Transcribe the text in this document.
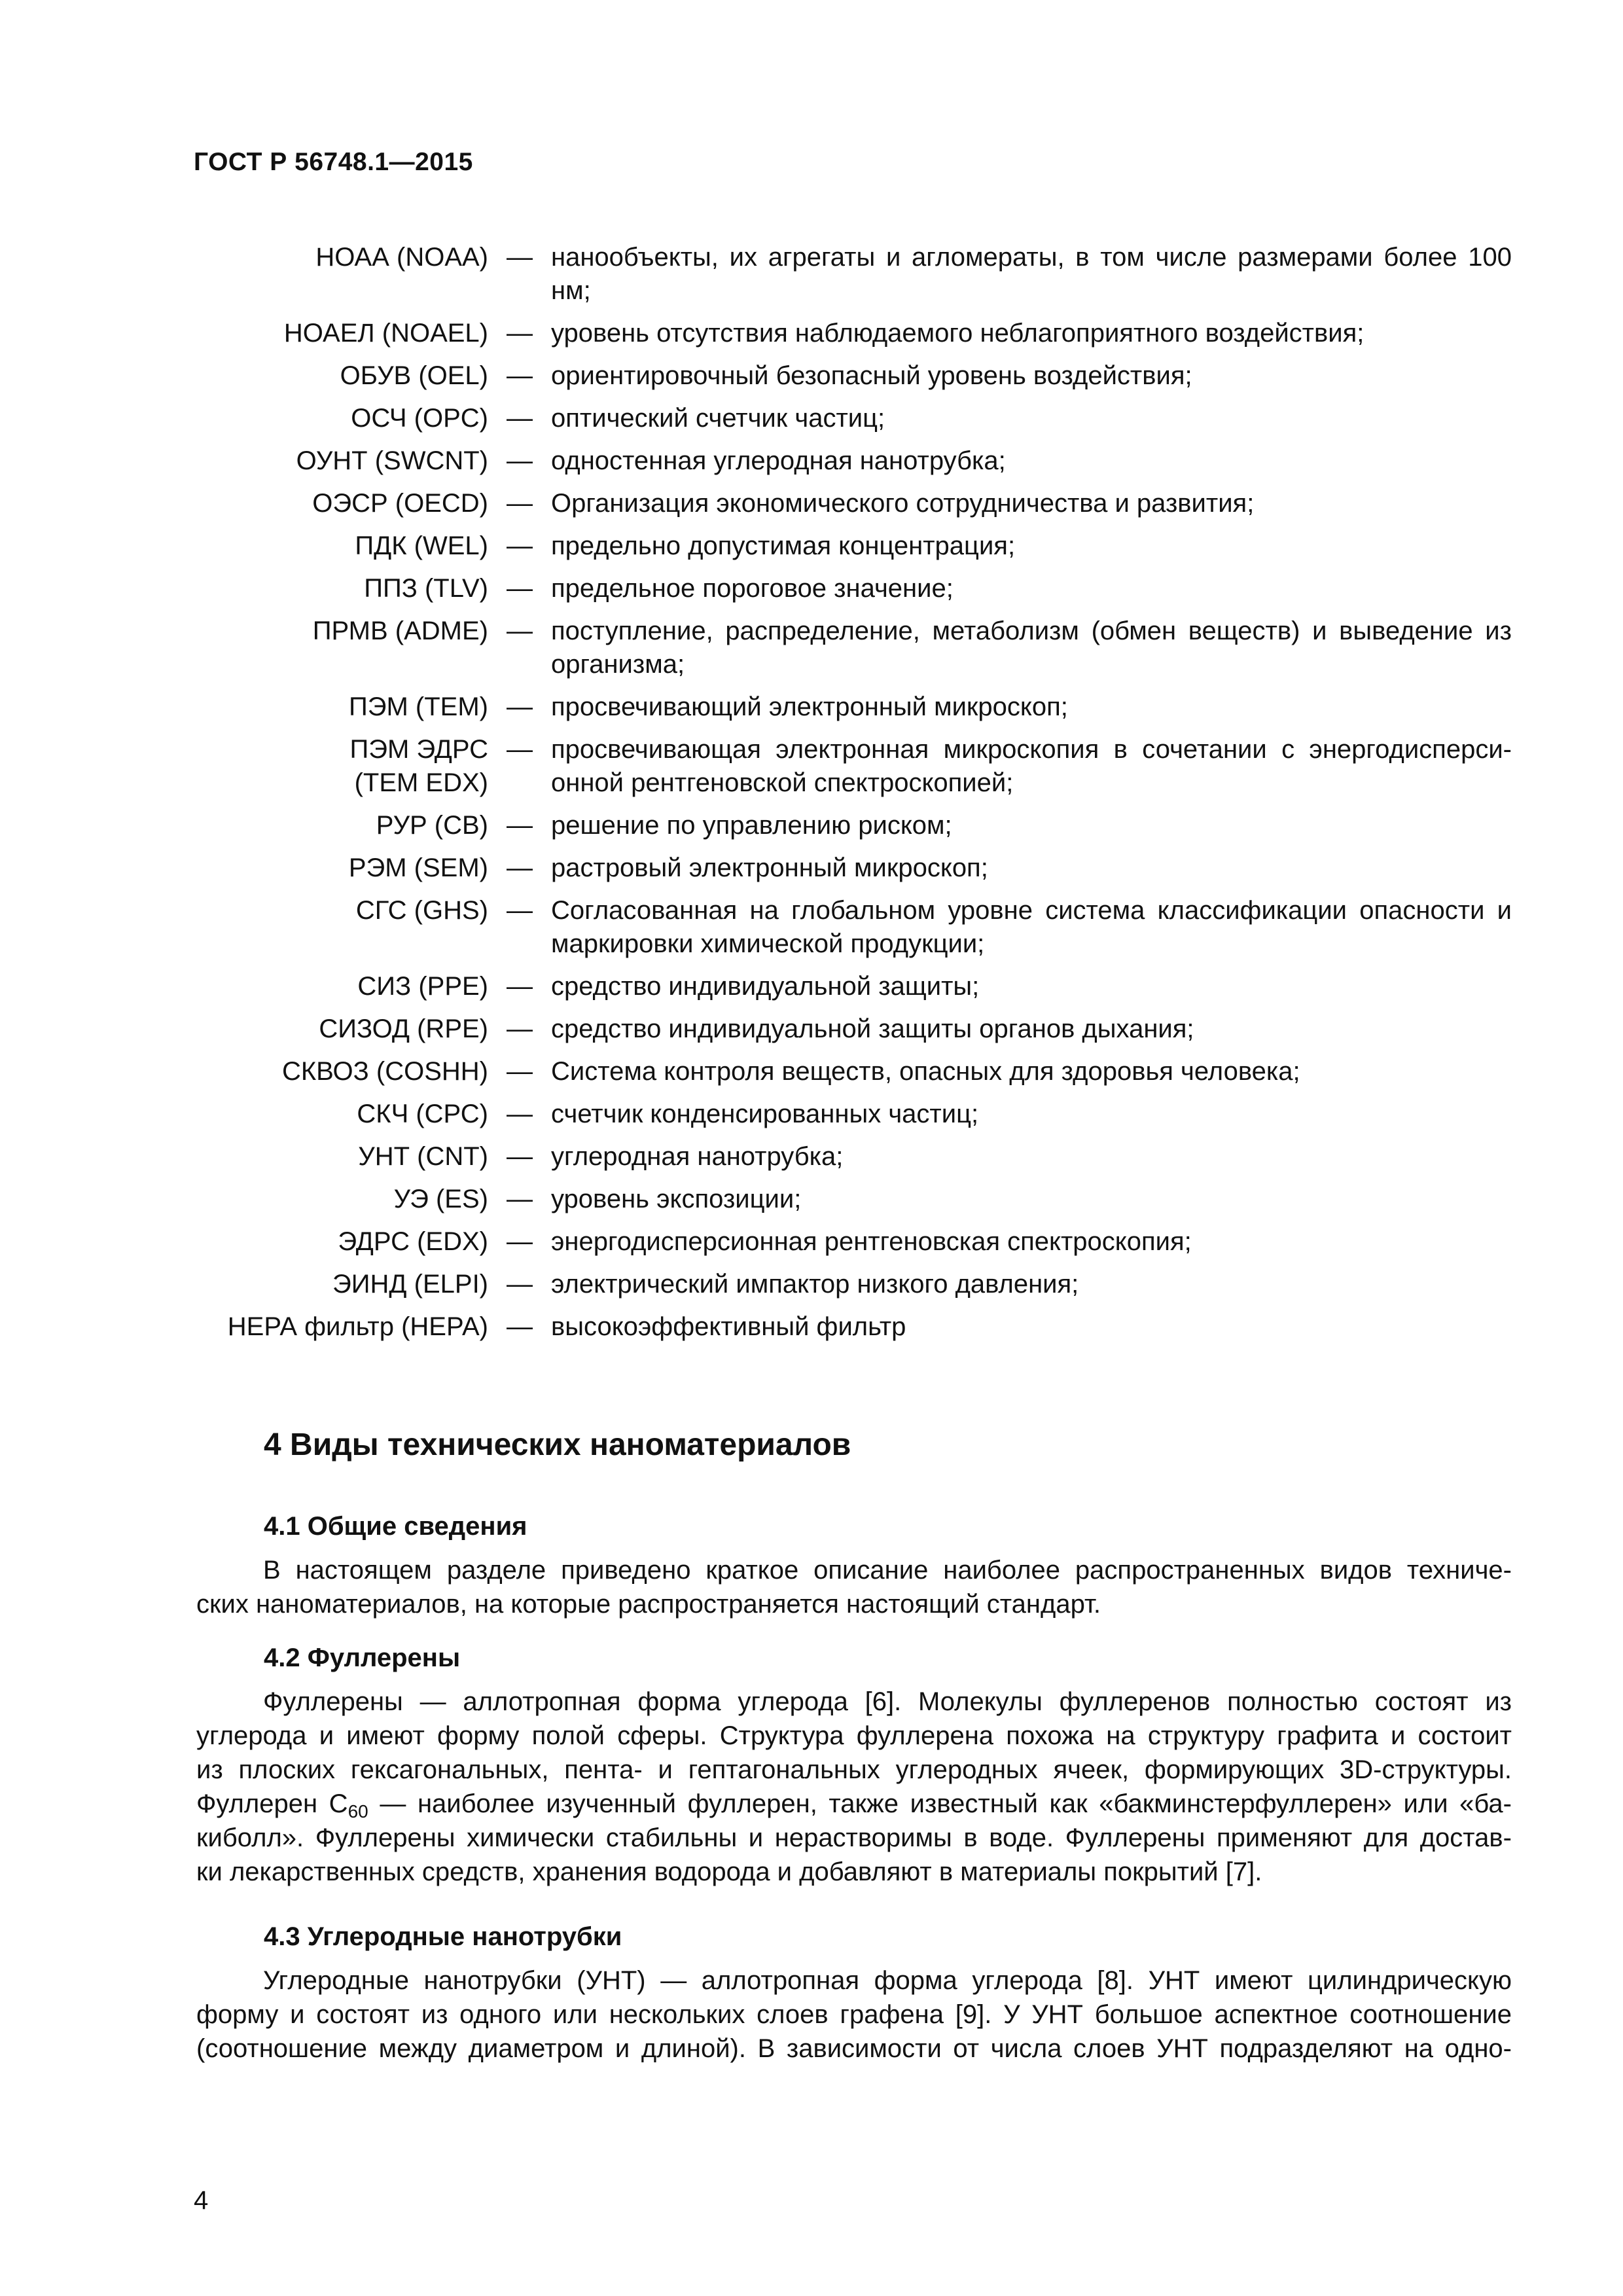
ГОСТ Р 56748.1—2015
НОАА (NOAA) — нанообъекты, их агрегаты и агломераты, в том числе размерами более 100 нм;
НОАЕЛ (NOAEL) — уровень отсутствия наблюдаемого неблагоприятного воздействия;
ОБУВ (OEL) — ориентировочный безопасный уровень воздействия;
ОСЧ (OPC) — оптический счетчик частиц;
ОУНТ (SWCNT) — одностенная углеродная нанотрубка;
ОЭСР (OECD) — Организация экономического сотрудничества и развития;
ПДК (WEL) — предельно допустимая концентрация;
ППЗ (TLV) — предельное пороговое значение;
ПРМВ (ADME) — поступление, распределение, метаболизм (обмен веществ) и выведение из организма;
ПЭМ (ТЕМ) — просвечивающий электронный микроскоп;
ПЭМ ЭДРС
(TEM EDX)
— просвечивающая электронная микроскопия в сочетании с энергодисперси-онной рентгеновской спектроскопией;
РУР (СВ) — решение по управлению риском;
РЭМ (SEM) — растровый электронный микроскоп;
СГС (GHS) — Согласованная на глобальном уровне система классификации опасности и маркировки химической продукции;
СИЗ (PPE) — средство индивидуальной защиты;
СИЗОД (RPE) — средство индивидуальной защиты органов дыхания;
СКВОЗ (COSHH) — Система контроля веществ, опасных для здоровья человека;
СКЧ (СРС) — счетчик конденсированных частиц;
УНТ (CNT) — углеродная нанотрубка;
УЭ (ES) — уровень экспозиции;
ЭДРС (EDX) — энергодисперсионная рентгеновская спектроскопия;
ЭИНД (ELPI) — электрический импактор низкого давления;
НЕРА фильтр (НЕРА) — высокоэффективный фильтр
4 Виды технических наноматериалов
4.1 Общие сведения
В настоящем разделе приведено краткое описание наиболее распространенных видов техниче-
ских наноматериалов, на которые распространяется настоящий стандарт.
4.2 Фуллерены
Фуллерены — аллотропная форма углерода [6]. Молекулы фуллеренов полностью состоят из
углерода и имеют форму полой сферы. Структура фуллерена похожа на структуру графита и состоит
из плоских гексагональных, пента- и гептагональных углеродных ячеек, формирующих 3D-структуры.
Фуллерен $С_{60}$ — наиболее изученный фуллерен, также известный как «бакминстерфуллерен» или «ба-
киболл». Фуллерены химически стабильны и нерастворимы в воде. Фуллерены применяют для достав-
ки лекарственных средств, хранения водорода и добавляют в материалы покрытий [7].
4.3 Углеродные нанотрубки
Углеродные нанотрубки (УНТ) — аллотропная форма углерода [8]. УНТ имеют цилиндрическую
форму и состоят из одного или нескольких слоев графена [9]. У УНТ большое аспектное соотношение
(соотношение между диаметром и длиной). В зависимости от числа слоев УНТ подразделяют на одно-
4
